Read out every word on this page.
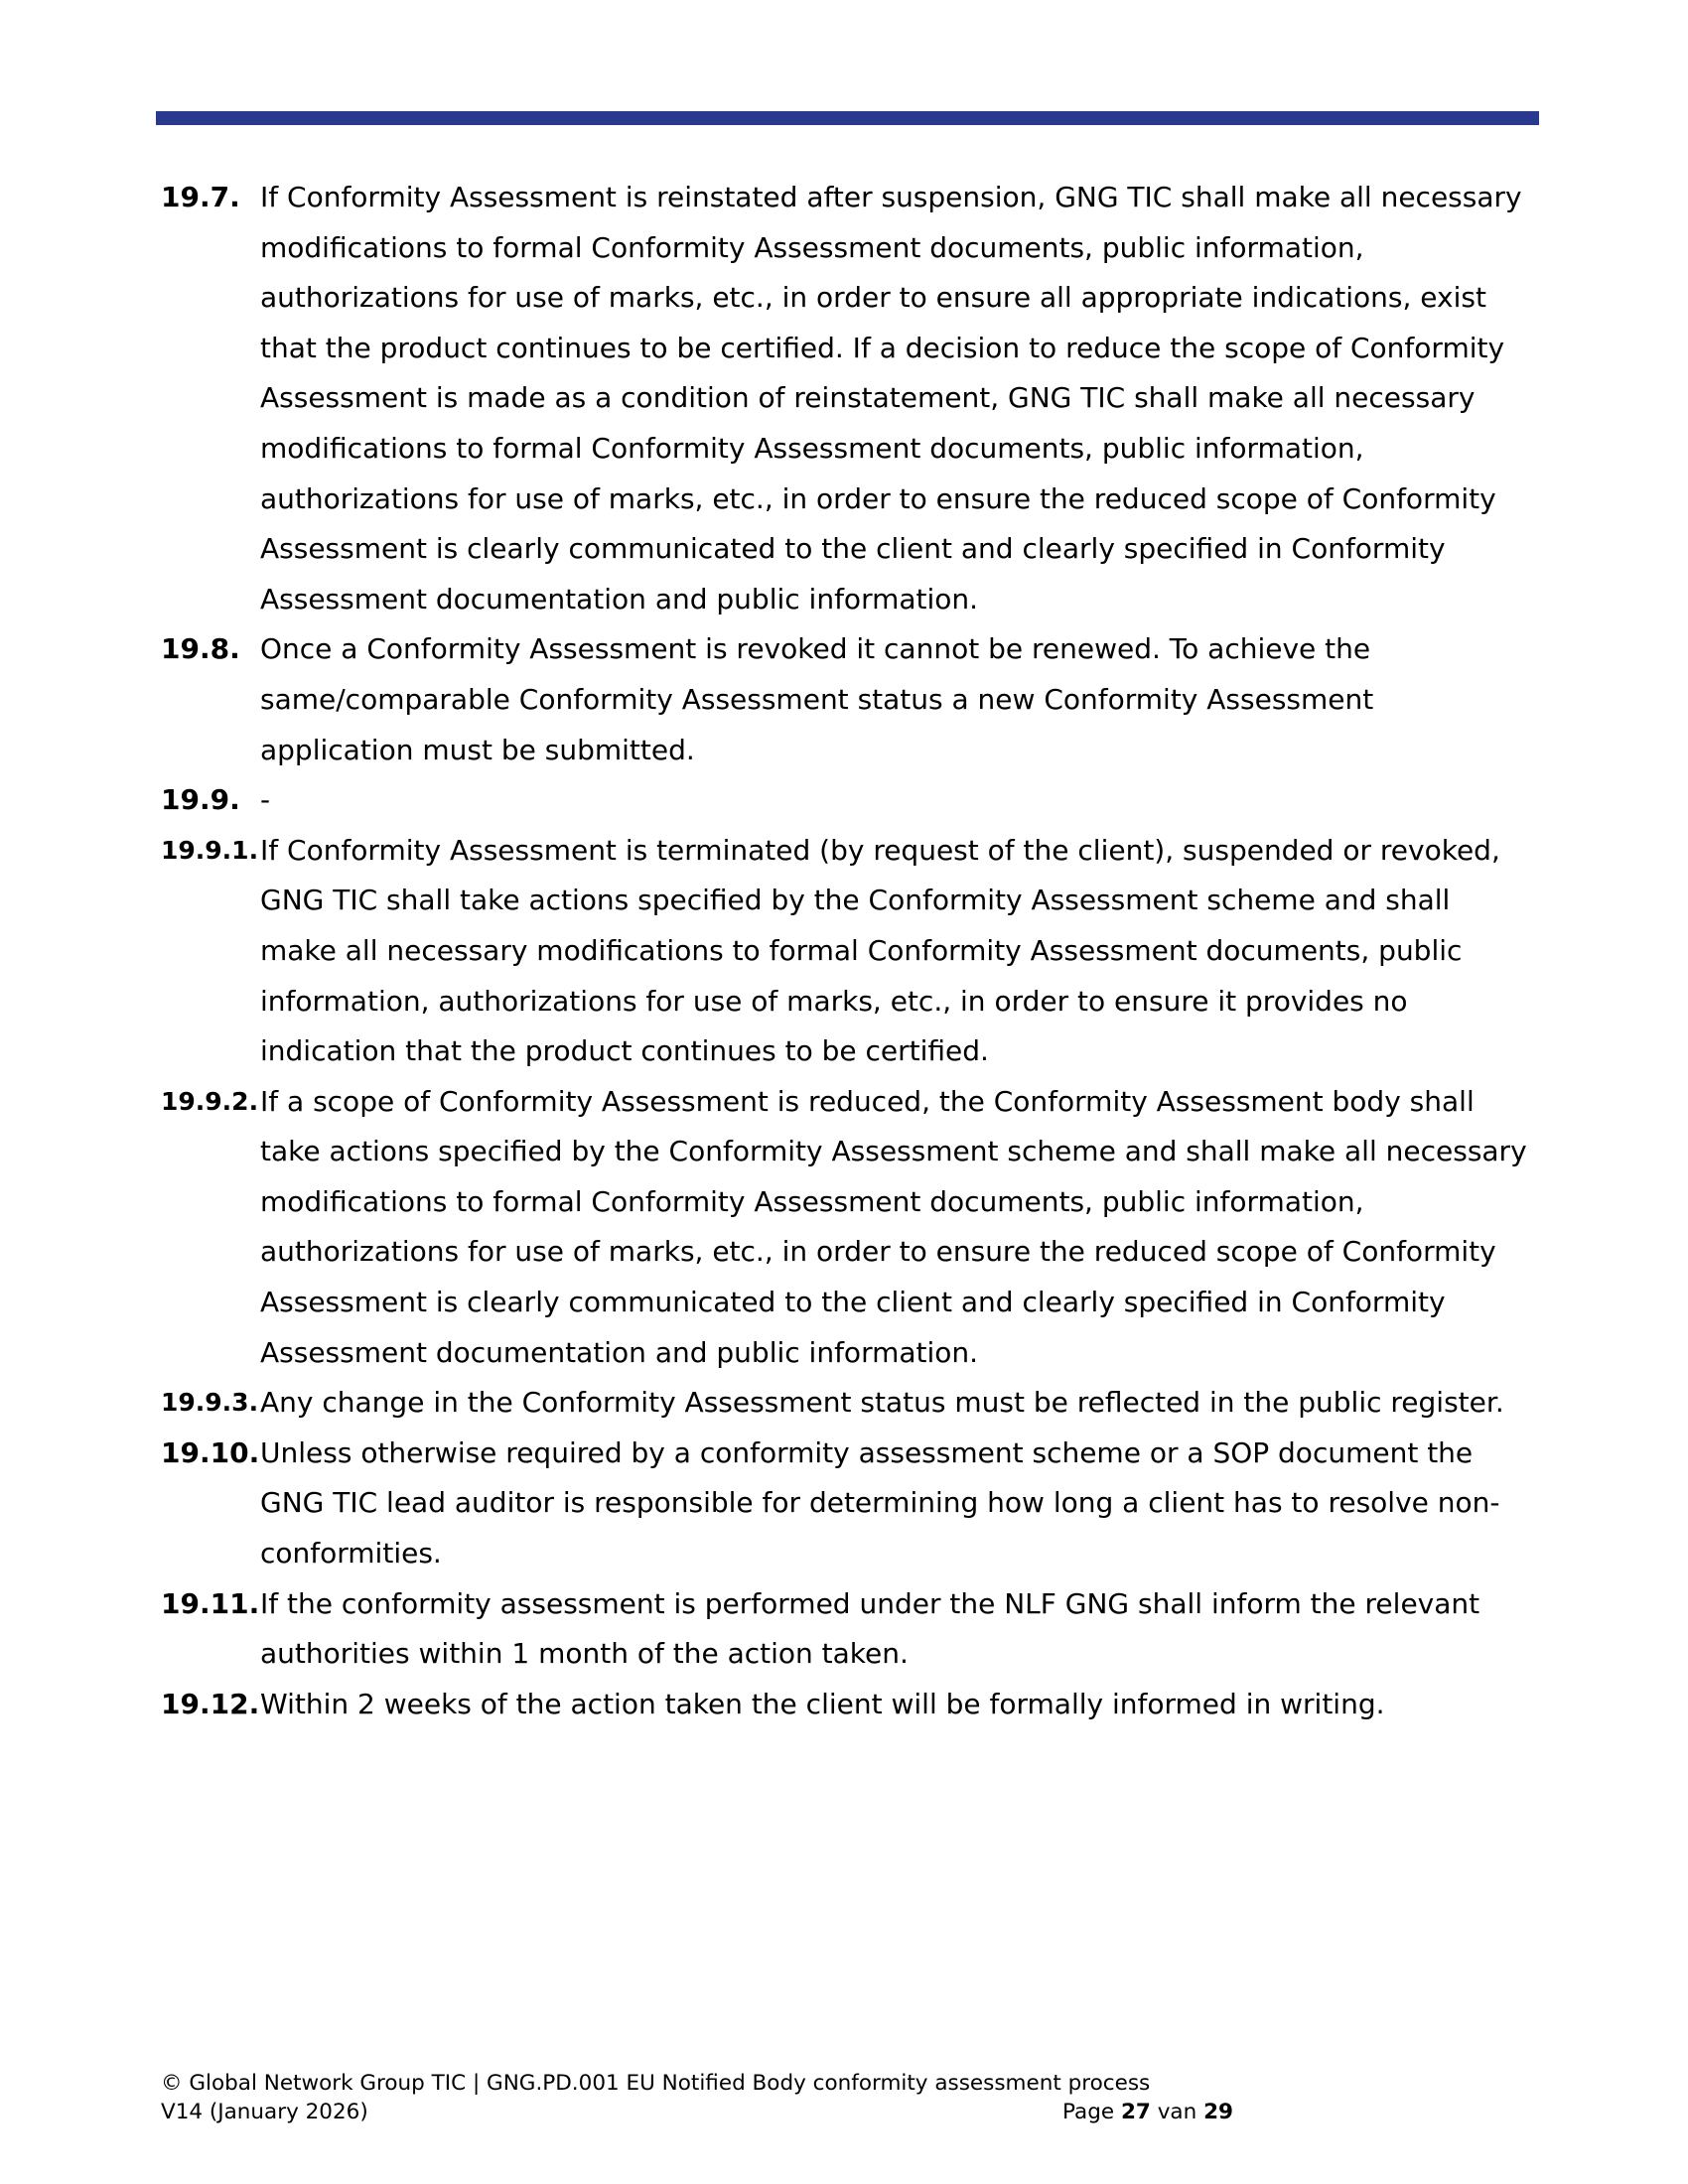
19.7. If Conformity Assessment is reinstated after suspension, GNG TIC shall make all necessary
modifications to formal Conformity Assessment documents, public information,
authorizations for use of marks, etc., in order to ensure all appropriate indications, exist
that the product continues to be certified. If a decision to reduce the scope of Conformity
Assessment is made as a condition of reinstatement, GNG TIC shall make all necessary
modifications to formal Conformity Assessment documents, public information,
authorizations for use of marks, etc., in order to ensure the reduced scope of Conformity
Assessment is clearly communicated to the client and clearly specified in Conformity
Assessment documentation and public information.
19.8. Once a Conformity Assessment is revoked it cannot be renewed. To achieve the
same/comparable Conformity Assessment status a new Conformity Assessment
application must be submitted.
19.9. -
19.9.1. If Conformity Assessment is terminated (by request of the client), suspended or revoked,
GNG TIC shall take actions specified by the Conformity Assessment scheme and shall
make all necessary modifications to formal Conformity Assessment documents, public
information, authorizations for use of marks, etc., in order to ensure it provides no
indication that the product continues to be certified.
19.9.2. If a scope of Conformity Assessment is reduced, the Conformity Assessment body shall
take actions specified by the Conformity Assessment scheme and shall make all necessary
modifications to formal Conformity Assessment documents, public information,
authorizations for use of marks, etc., in order to ensure the reduced scope of Conformity
Assessment is clearly communicated to the client and clearly specified in Conformity
Assessment documentation and public information.
19.9.3. Any change in the Conformity Assessment status must be reflected in the public register.
19.10. Unless otherwise required by a conformity assessment scheme or a SOP document the
GNG TIC lead auditor is responsible for determining how long a client has to resolve non-
conformities.
19.11. If the conformity assessment is performed under the NLF GNG shall inform the relevant
authorities within 1 month of the action taken.
19.12. Within 2 weeks of the action taken the client will be formally informed in writing.
© Global Network Group TIC | GNG.PD.001 EU Notified Body conformity assessment process
V14 (January 2026)	Page 27 van 29
